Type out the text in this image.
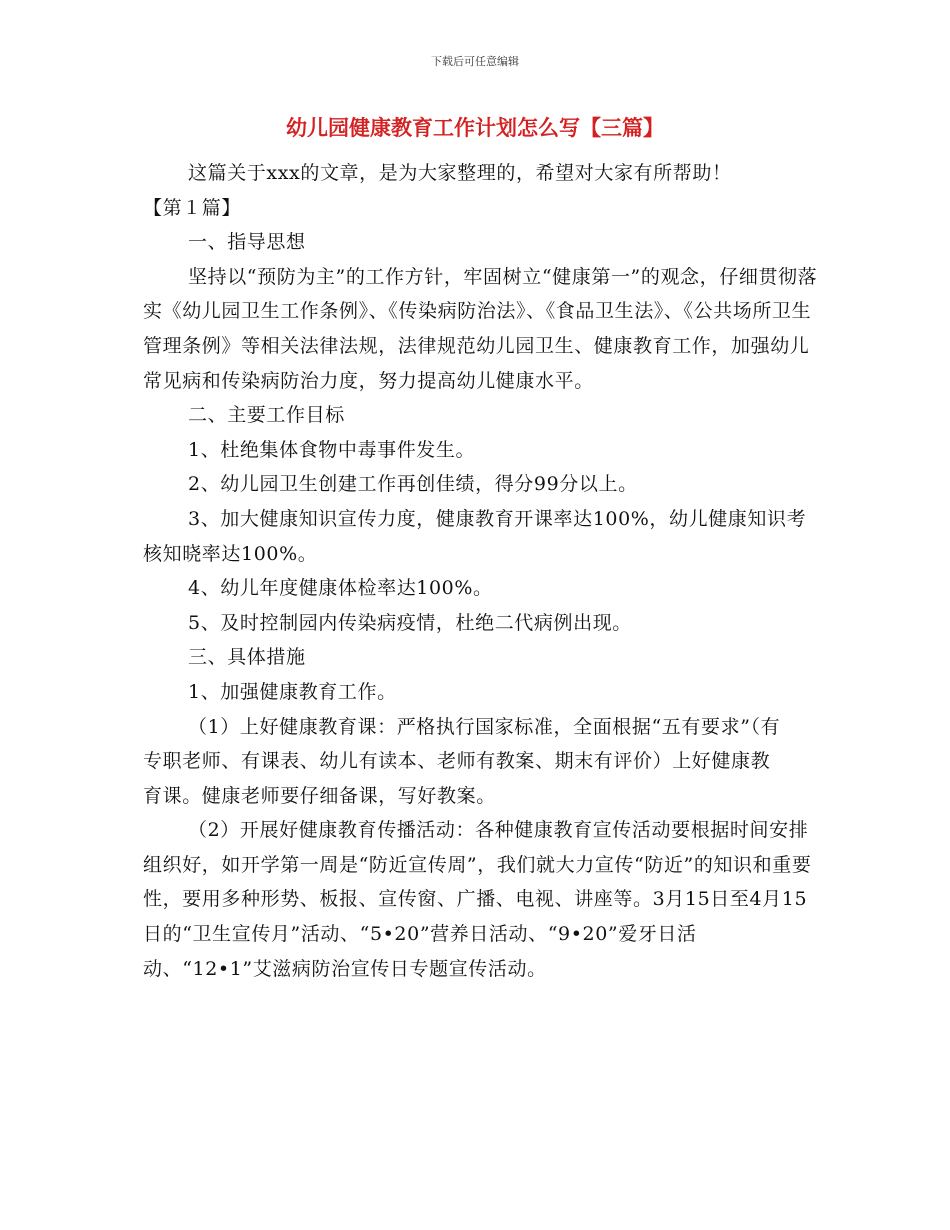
下载后可任意编辑
幼儿园健康教育工作计划怎么写【三篇】

这篇关于xxx的文章，是为大家整理的，希望对大家有所帮助！

【第１篇】

一、指导思想

坚持以“预防为主”的工作方针，牢固树立“健康第一”的观念，仔细贯彻落实《幼儿园卫生工作条例》、《传染病防治法》、《食品卫生法》、《公共场所卫生管理条例》等相关法律法规，法律规范幼儿园卫生、健康教育工作，加强幼儿常见病和传染病防治力度，努力提高幼儿健康水平。

二、主要工作目标

1、杜绝集体食物中毒事件发生。

2、幼儿园卫生创建工作再创佳绩，得分99分以上。

3、加大健康知识宣传力度，健康教育开课率达100%，幼儿健康知识考核知晓率达100%。

4、幼儿年度健康体检率达100%。

5、及时控制园内传染病疫情，杜绝二代病例出现。

三、具体措施

1、加强健康教育工作。

（1）上好健康教育课：严格执行国家标准，全面根据“五有要求”（有专职老师、有课表、幼儿有读本、老师有教案、期末有评价）上好健康教育课。健康老师要仔细备课，写好教案。

（2）开展好健康教育传播活动：各种健康教育宣传活动要根据时间安排组织好，如开学第一周是“防近宣传周”，我们就大力宣传“防近”的知识和重要性，要用多种形势、板报、宣传窗、广播、电视、讲座等。3月15日至4月15日的“卫生宣传月”活动、“5•20”营养日活动、“9•20”爱牙日活动、“12•1”艾滋病防治宣传日专题宣传活动。
